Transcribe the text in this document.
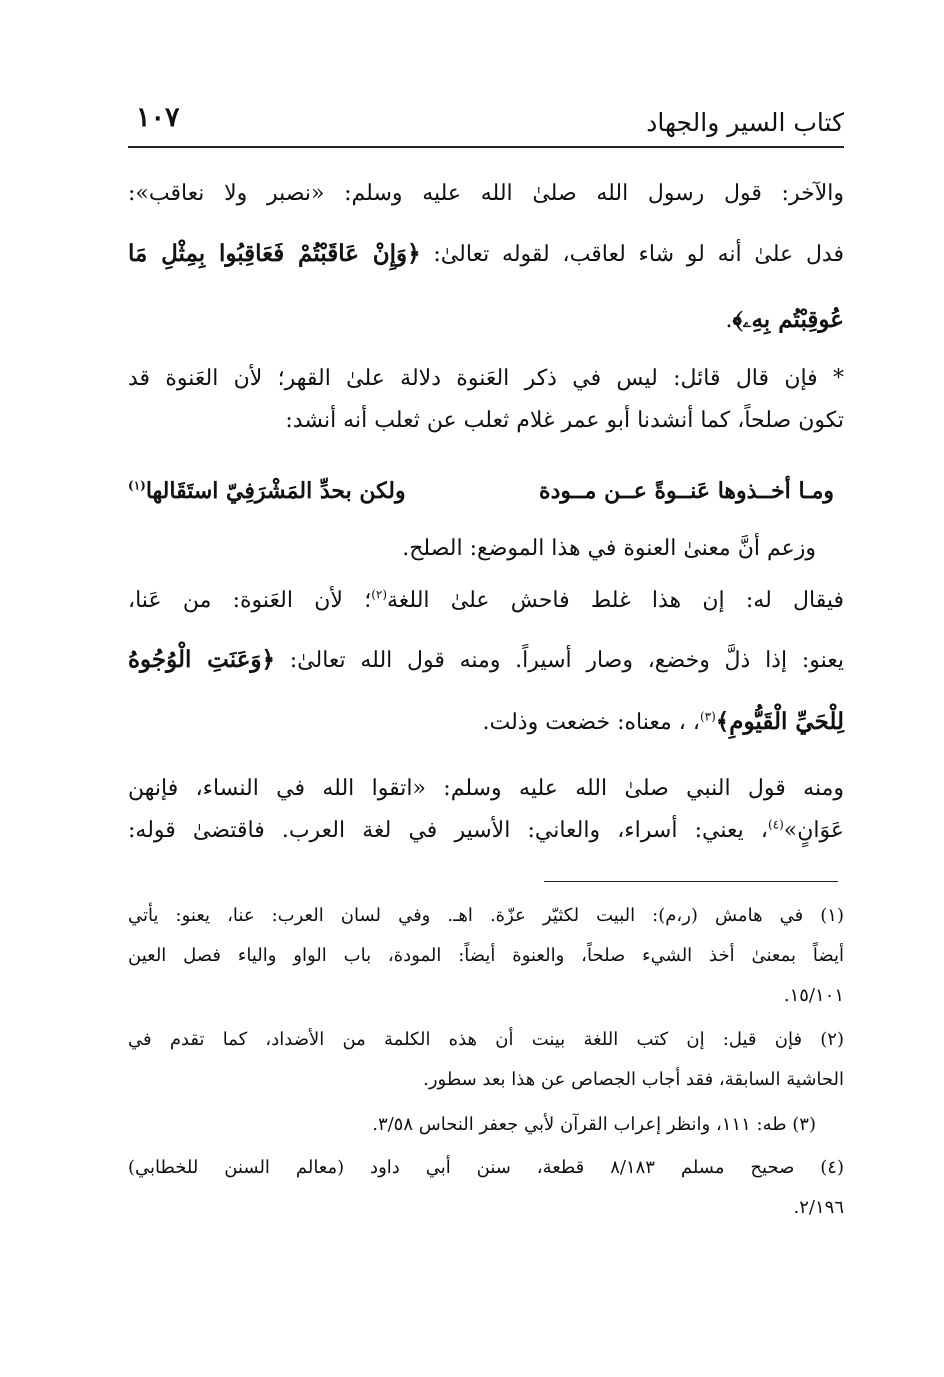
كتاب السير والجهاد
١٠٧
والآخر: قول رسول الله صلىٰ الله عليه وسلم: «نصبر ولا نعاقب»:
فدل علىٰ أنه لو شاء لعاقب، لقوله تعالىٰ: ﴿وَإِنْ عَاقَبْتُمْ فَعَاقِبُوا بِمِثْلِ مَا
عُوقِبْتُم بِهِۦ﴾.
* فإن قال قائل: ليس في ذكر العَنوة دلالة علىٰ القهر؛ لأن العَنوة قد
تكون صلحاً، كما أنشدنا أبو عمر غلام ثعلب عن ثعلب أنه أنشد:
ومـا أخــذوها عَنــوةً عــن مــودة
ولكن بحدِّ المَشْرَفِيّ استَقَالها$^{(١)}$
وزعم أنَّ معنىٰ العنوة في هذا الموضع: الصلح.
فيقال له: إن هذا غلط فاحش علىٰ اللغة$^{(٢)}$؛ لأن العَنوة: من عَنا،
يعنو: إذا ذلَّ وخضع، وصار أسيراً. ومنه قول الله تعالىٰ: ﴿وَعَنَتِ الْوُجُوهُ
لِلْحَيِّ الْقَيُّومِ﴾$^{(٣)}$، ، معناه: خضعت وذلت.
ومنه قول النبي صلىٰ الله عليه وسلم: «اتقوا الله في النساء، فإنهن
عَوَانٍ»$^{(٤)}$، يعني: أسراء، والعاني: الأسير في لغة العرب. فاقتضىٰ قوله:
(١) في هامش (ر،م): البيت لكثيّر عزّة. اهـ. وفي لسان العرب: عنا، يعنو: يأتي
أيضاً بمعنىٰ أخذ الشيء صلحاً، والعنوة أيضاً: المودة، باب الواو والياء فصل العين
١٥/١٠١.
(٢) فإن قيل: إن كتب اللغة بينت أن هذه الكلمة من الأضداد، كما تقدم في
الحاشية السابقة، فقد أجاب الجصاص عن هذا بعد سطور.
(٣) طه: ١١١، وانظر إعراب القرآن لأبي جعفر النحاس ٣/٥٨.
(٤) صحيح مسلم ٨/١٨٣ قطعة، سنن أبي داود (معالم السنن للخطابي)
٢/١٩٦.
